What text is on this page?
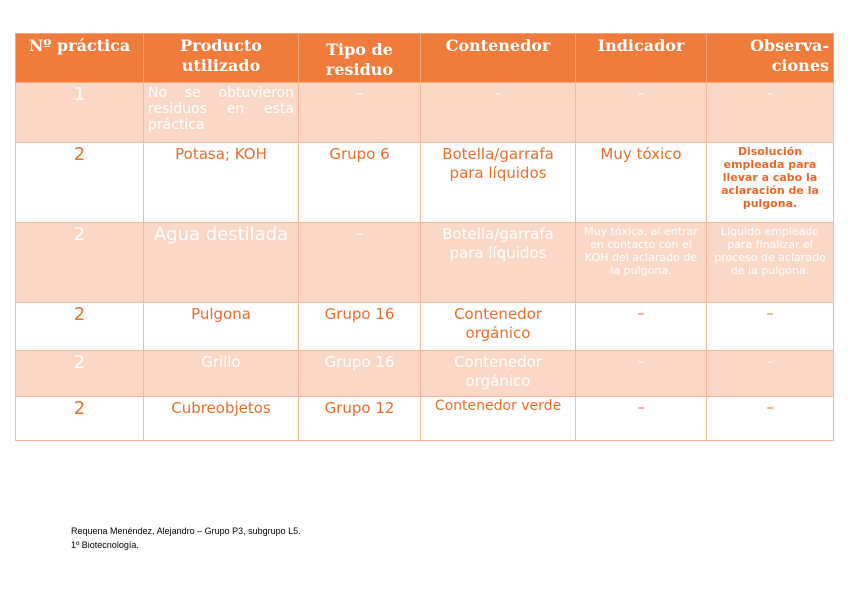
Nº práctica	Producto utilizado	Tipo de residuo	Contenedor	Indicador	Observa-ciones
1	No se obtuvieron residuos en esta práctica	–	–	–	–
2	Potasa; KOH	Grupo 6	Botella/garrafa para líquidos	Muy tóxico	Disolución empleada para llevar a cabo la aclaración de la pulgona.
2	Agua destilada	–	Botella/garrafa para líquidos	Muy tóxica, al entrar en contacto con el KOH del aclarado de la pulgona.	Líquido empleado para finalizar el proceso de aclarado de la pulgona.
2	Pulgona	Grupo 16	Contenedor orgánico	–	–
2	Grillo	Grupo 16	Contenedor orgánico	–	–
2	Cubreobjetos	Grupo 12	Contenedor verde	–	–
Requena Menéndez, Alejandro – Grupo P3, subgrupo L5.
1º Biotecnología.
